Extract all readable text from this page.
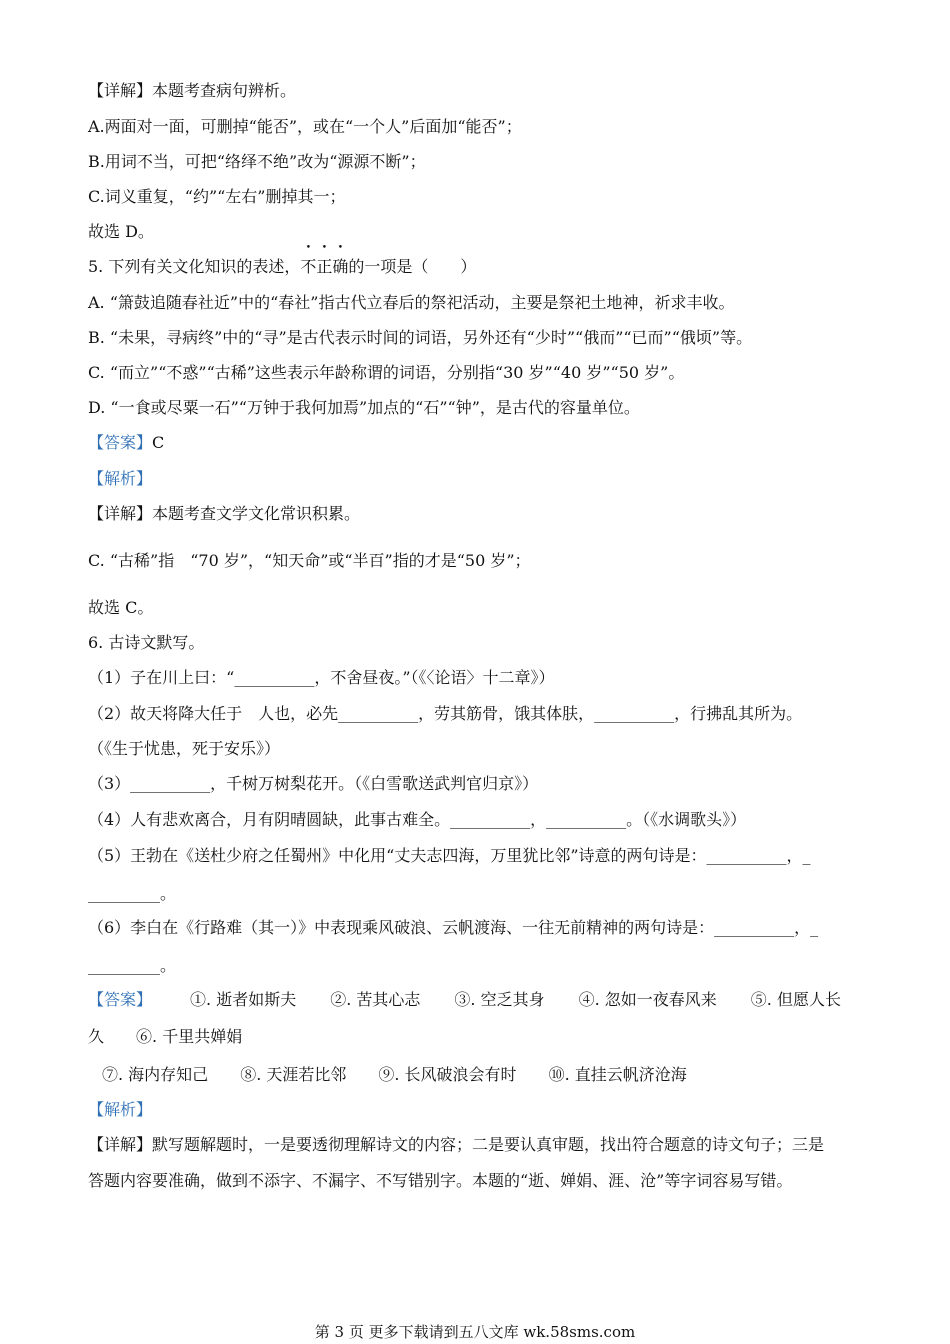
【详解】本题考查病句辨析。
A.两面对一面，可删掉“能否”，或在“一个人”后面加“能否”；
B.用词不当，可把“络绎不绝”改为“源源不断”；
C.词义重复，“约”“左右”删掉其一；
故选 D。
5. 下列有关文化知识的表述，不正确的一项是（　　）
A. “箫鼓追随春社近”中的“春社”指古代立春后的祭祀活动，主要是祭祀土地神，祈求丰收。
B. “未果，寻病终”中的“寻”是古代表示时间的词语，另外还有“少时”“俄而”“已而”“俄顷”等。
C. “而立”“不惑”“古稀”这些表示年龄称谓的词语，分别指“30 岁”“40 岁”“50 岁”。
D. “一食或尽粟一石”“万钟于我何加焉”加点的“石”“钟”，是古代的容量单位。
【答案】C
【解析】
【详解】本题考查文学文化常识积累。
C. “古稀”指　“70 岁”，“知天命”或“半百”指的才是“50 岁”；
故选 C。
6. 古诗文默写。
（1）子在川上曰：“__________，不舍昼夜。”（《〈论语〉十二章》）
（2）故天将降大任于　人也，必先__________，劳其筋骨，饿其体肤，__________，行拂乱其所为。
（《生于忧患，死于安乐》）
（3）__________，千树万树梨花开。（《白雪歌送武判官归京》）
（4）人有悲欢离合，月有阴晴圆缺，此事古难全。__________，__________。（《水调歌头》）
（5）王勃在《送杜少府之任蜀州》中化用“丈夫志四海，万里犹比邻”诗意的两句诗是：__________，_
_________。
（6）李白在《行路难（其一）》中表现乘风破浪、云帆渡海、一往无前精神的两句诗是：__________，_
_________。
【答案】 ①. 逝者如斯夫 ②. 苦其心志 ③. 空乏其身 ④. 忽如一夜春风来 ⑤. 但愿人长
久 ⑥. 千里共婵娟
⑦. 海内存知己 ⑧. 天涯若比邻 ⑨. 长风破浪会有时 ⑩. 直挂云帆济沧海
【解析】
【详解】默写题解题时，一是要透彻理解诗文的内容；二是要认真审题，找出符合题意的诗文句子；三是
答题内容要准确，做到不添字、不漏字、不写错别字。本题的“逝、婵娟、涯、沧”等字词容易写错。
第 3 页 更多下载请到五八文库 wk.58sms.com
